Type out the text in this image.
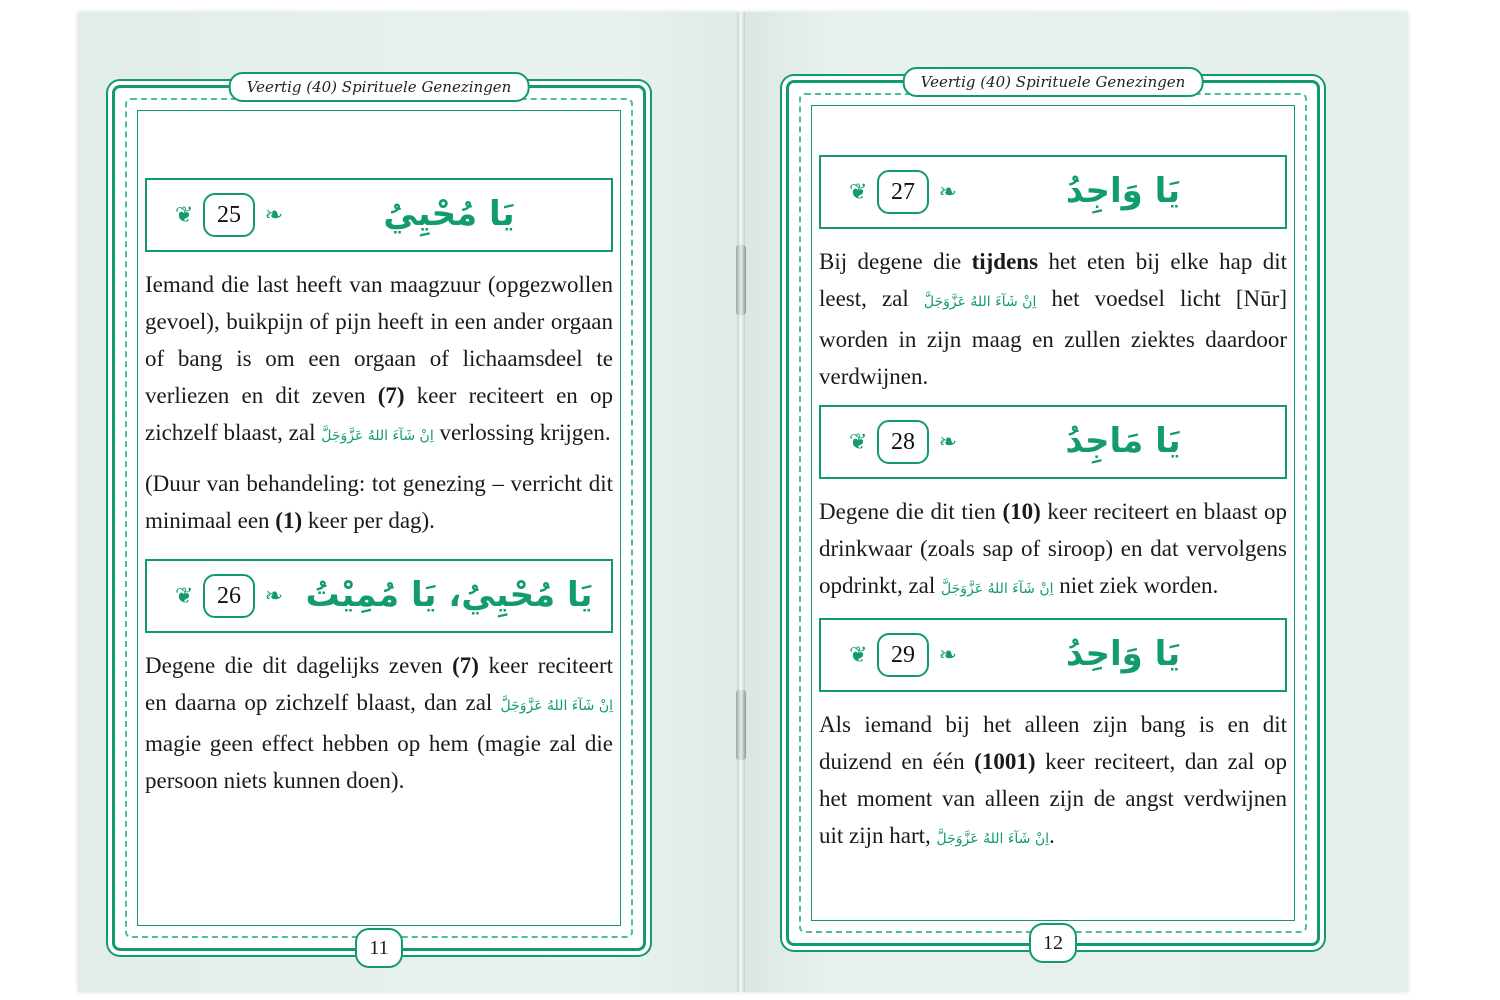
Veertig (40) Spirituele Genezingen
❦ 25	❧	يَا مُحْيِيُ

Iemand die last heeft van maagzuur (opgezwollen gevoel), buikpijn of pijn heeft in een ander orgaan of bang is om een orgaan of lichaamsdeel te verliezen en dit zeven (7) keer reciteert en op zichzelf blaast, zal اِنْ شَآءَ اللهُ عَزَّوَجَلَّ verlossing krijgen.

(Duur van behandeling: tot genezing – verricht dit minimaal een (1) keer per dag).

❦ 26	❧ يَا مُحْيِيُ، يَا مُمِيْتُ

Degene die dit dagelijks zeven (7) keer reciteert en daarna op zichzelf blaast, dan zal اِنْ شَآءَ اللهُ عَزَّوَجَلَّ magie geen effect hebben op hem (magie zal die persoon niets kunnen doen).

11
Veertig (40) Spirituele Genezingen
❦ 27	❧	يَا وَاجِدُ

Bij degene die tijdens het eten bij elke hap dit leest, zal اِنْ شَآءَ اللهُ عَزَّوَجَلَّ het voedsel licht [Nūr] worden in zijn maag en zullen ziektes daardoor verdwijnen.

❦ 28	❧	يَا مَاجِدُ

Degene die dit tien (10) keer reciteert en blaast op drinkwaar (zoals sap of siroop) en dat vervolgens opdrinkt, zal اِنْ شَآءَ اللهُ عَزَّوَجَلَّ niet ziek worden.

❦ 29	❧	يَا وَاحِدُ

Als iemand bij het alleen zijn bang is en dit duizend en één (1001) keer reciteert, dan zal op het moment van alleen zijn de angst verdwijnen uit zijn hart, اِنْ شَآءَ اللهُ عَزَّوَجَلَّ.

12
